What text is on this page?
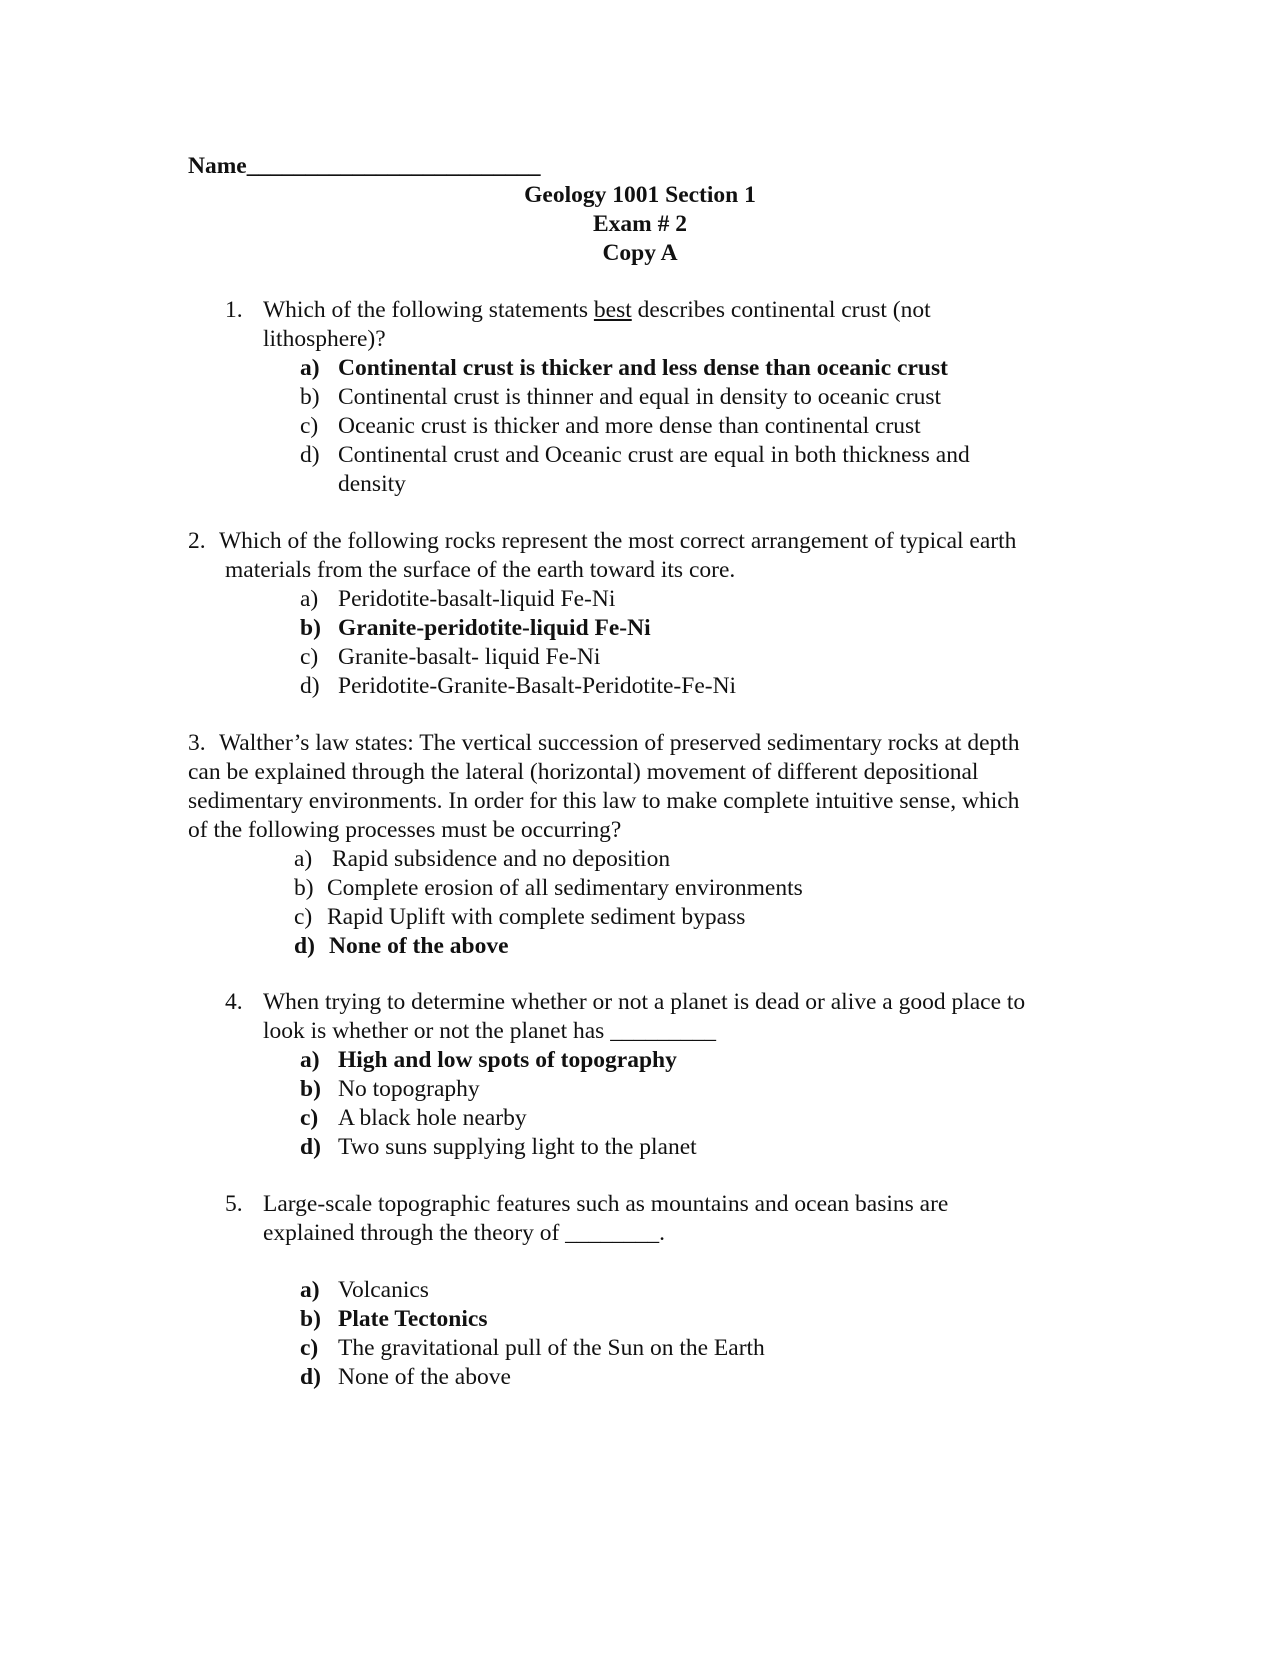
Name_________________________
Geology 1001 Section 1
Exam # 2
Copy A
1. Which of the following statements best describes continental crust (not
lithosphere)?
a) Continental crust is thicker and less dense than oceanic crust
b) Continental crust is thinner and equal in density to oceanic crust
c) Oceanic crust is thicker and more dense than continental crust
d) Continental crust and Oceanic crust are equal in both thickness and
density
2. Which of the following rocks represent the most correct arrangement of typical earth
materials from the surface of the earth toward its core.
a) Peridotite-basalt-liquid Fe-Ni
b) Granite-peridotite-liquid Fe-Ni
c) Granite-basalt- liquid Fe-Ni
d) Peridotite-Granite-Basalt-Peridotite-Fe-Ni
3. Walther’s law states: The vertical succession of preserved sedimentary rocks at depth
can be explained through the lateral (horizontal) movement of different depositional
sedimentary environments. In order for this law to make complete intuitive sense, which
of the following processes must be occurring?
a) Rapid subsidence and no deposition
b) Complete erosion of all sedimentary environments
c) Rapid Uplift with complete sediment bypass
d) None of the above
4. When trying to determine whether or not a planet is dead or alive a good place to
look is whether or not the planet has _________
a) High and low spots of topography
b) No topography
c) A black hole nearby
d) Two suns supplying light to the planet
5. Large-scale topographic features such as mountains and ocean basins are
explained through the theory of ________.
a) Volcanics
b) Plate Tectonics
c) The gravitational pull of the Sun on the Earth
d) None of the above
